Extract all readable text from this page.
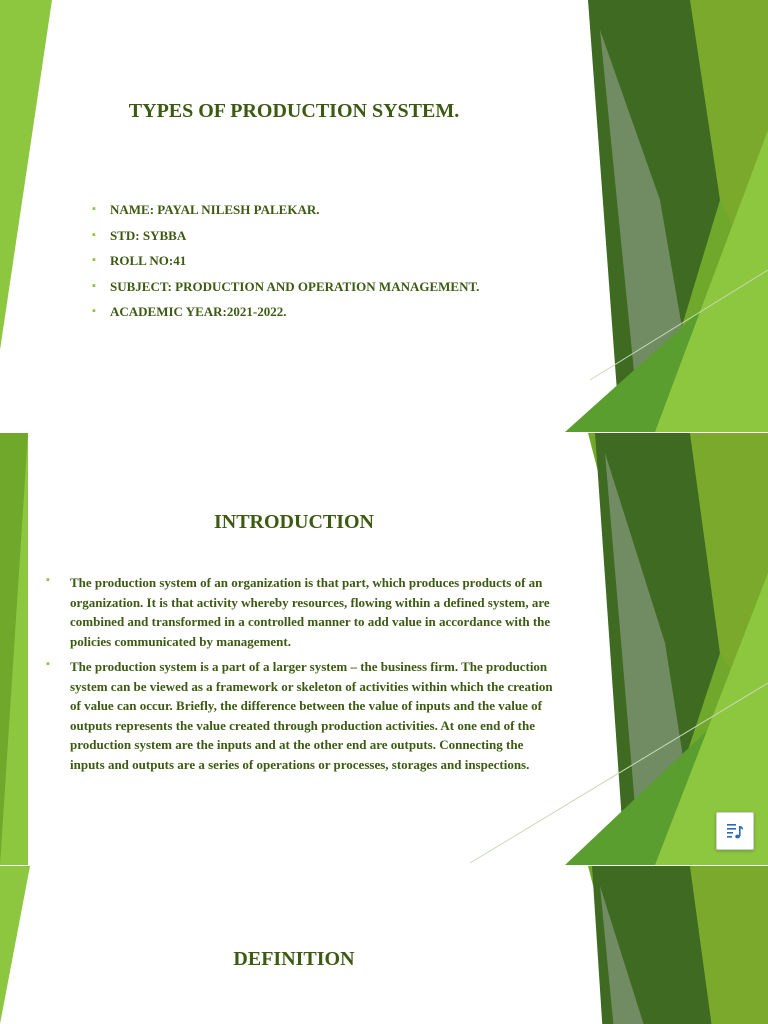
TYPES OF PRODUCTION SYSTEM.
▪ NAME: PAYAL NILESH PALEKAR.
▪ STD: SYBBA
▪ ROLL NO:41
▪ SUBJECT: PRODUCTION AND OPERATION MANAGEMENT.
▪ ACADEMIC YEAR:2021-2022.
INTRODUCTION
▪ The production system of an organization is that part, which produces products of an organization. It is that activity whereby resources, flowing within a defined system, are combined and transformed in a controlled manner to add value in accordance with the policies communicated by management.
▪ The production system is a part of a larger system – the business firm. The production system can be viewed as a framework or skeleton of activities within which the creation of value can occur. Briefly, the difference between the value of inputs and the value of outputs represents the value created through production activities. At one end of the production system are the inputs and at the other end are outputs. Connecting the inputs and outputs are a series of operations or processes, storages and inspections.
DEFINITION
